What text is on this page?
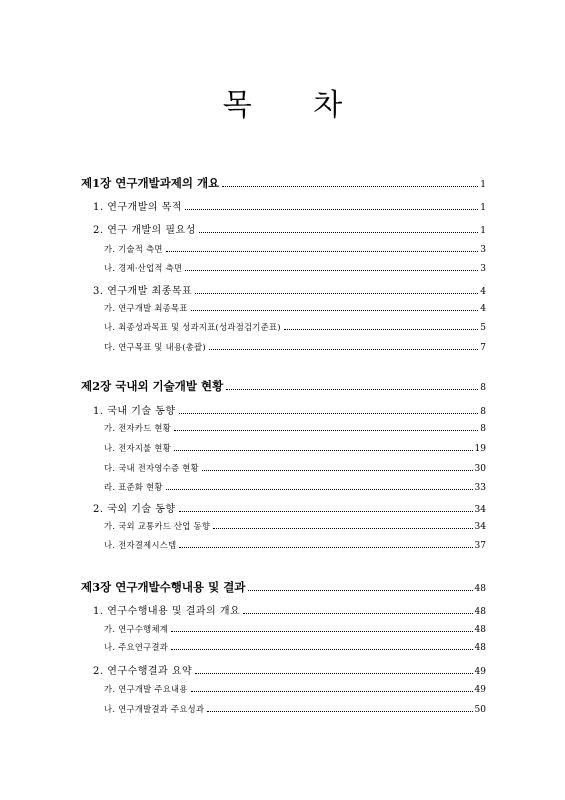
목 차
제1장 연구개발과제의 개요	1
1. 연구개발의 목적	1
2. 연구 개발의 필요성	1
가. 기술적 측면	3
나. 경제·산업적 측면	3
3. 연구개발 최종목표	4
가. 연구개발 최종목표	4
나. 최종성과목표 및 성과지표(성과점검기준표)	5
다. 연구목표 및 내용(총괄)	7
제2장 국내외 기술개발 현황	8
1. 국내 기술 동향	8
가. 전자카드 현황	8
나. 전자지불 현황	19
다. 국내 전자영수증 현황	30
라. 표준화 현황	33
2. 국외 기술 동향	34
가. 국외 교통카드 산업 동향	34
나. 전자결제시스템	37
제3장 연구개발수행내용 및 결과	48
1. 연구수행내용 및 결과의 개요	48
가. 연구수행체계	48
나. 주요연구결과	48
2. 연구수행결과 요약	49
가. 연구개발 주요내용	49
나. 연구개발결과 주요성과	50
